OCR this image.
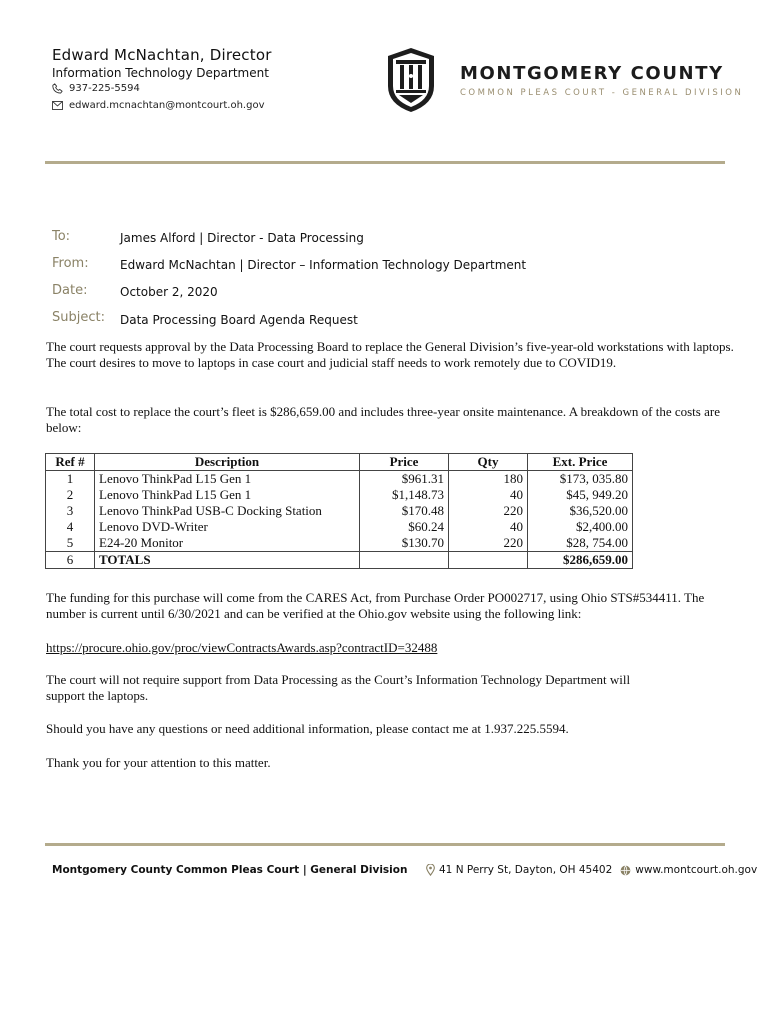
Edward McNachtan, Director
Information Technology Department
937-225-5594
edward.mcnachtan@montcourt.oh.gov
MONTGOMERY COUNTY
COMMON PLEAS COURT - GENERAL DIVISION
To:	James Alford | Director - Data Processing
From:	Edward McNachtan | Director – Information Technology Department
Date:	October 2, 2020
Subject: Data Processing Board Agenda Request
The court requests approval by the Data Processing Board to replace the General Division’s five-year-old workstations with laptops. The court desires to move to laptops in case court and judicial staff needs to work remotely due to COVID19.
The total cost to replace the court’s fleet is $286,659.00 and includes three-year onsite maintenance. A breakdown of the costs are below:
Ref #	Description	Price	Qty	Ext. Price
1	Lenovo ThinkPad L15 Gen 1	$961.31	180	$173, 035.80
2	Lenovo ThinkPad L15 Gen 1	$1,148.73	40	$45, 949.20
3	Lenovo ThinkPad USB-C Docking Station	$170.48	220	$36,520.00
4	Lenovo DVD-Writer	$60.24	40	$2,400.00
5	E24-20 Monitor	$130.70	220	$28, 754.00
6	TOTALS			$286,659.00
The funding for this purchase will come from the CARES Act, from Purchase Order PO002717, using Ohio STS#534411. The number is current until 6/30/2021 and can be verified at the Ohio.gov website using the following link:
https://procure.ohio.gov/proc/viewContractsAwards.asp?contractID=32488
The court will not require support from Data Processing as the Court’s Information Technology Department will support the laptops.
Should you have any questions or need additional information, please contact me at 1.937.225.5594.
Thank you for your attention to this matter.
Montgomery County Common Pleas Court | General Division	41 N Perry St, Dayton, OH 45402 www.montcourt.oh.gov
